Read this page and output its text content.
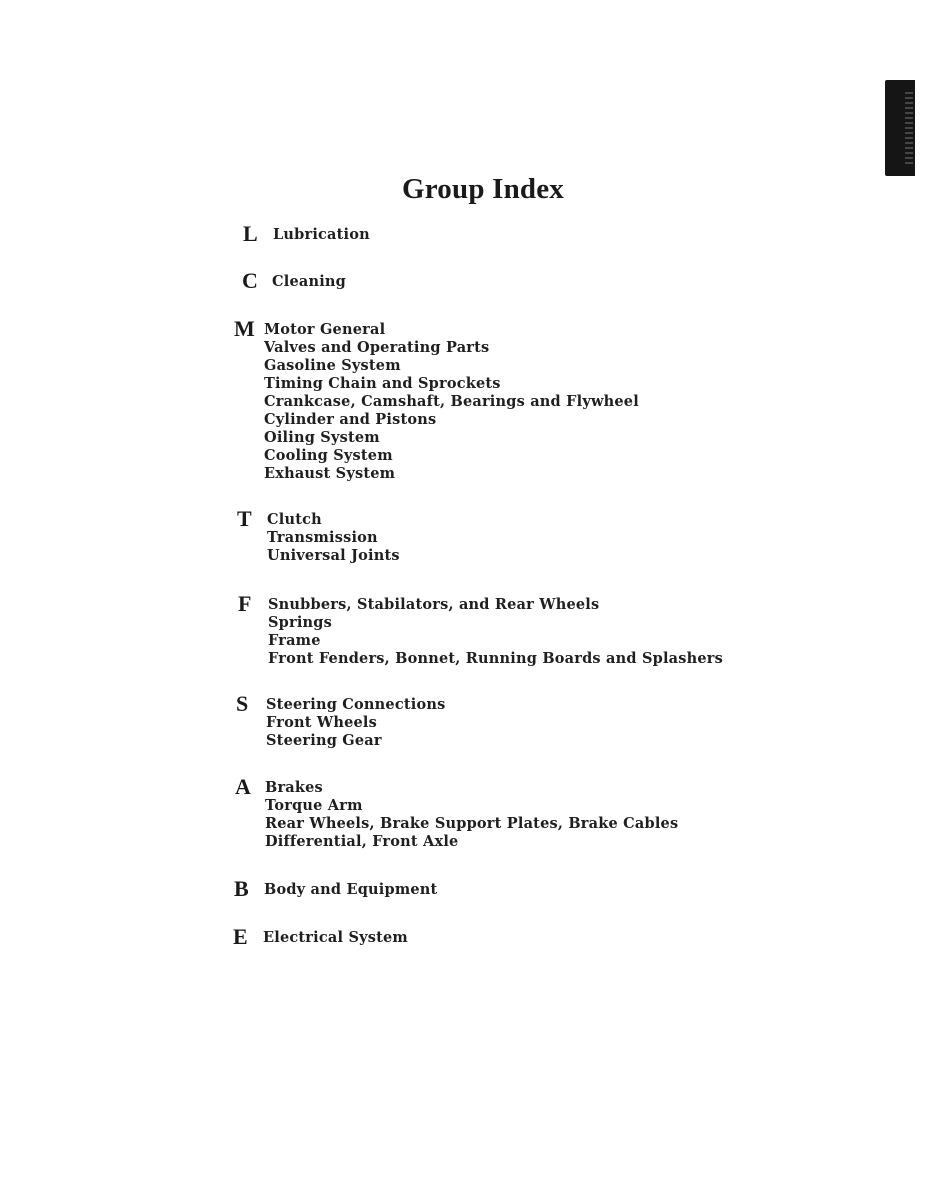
Group Index
L	Lubrication
C Cleaning
M Motor General
Valves and Operating Parts
Gasoline System
Timing Chain and Sprockets
Crankcase, Camshaft, Bearings and Flywheel
Cylinder and Pistons
Oiling System
Cooling System
Exhaust System
T	Clutch
Transmission
Universal Joints
F	Snubbers, Stabilators, and Rear Wheels
Springs
Frame
Front Fenders, Bonnet, Running Boards and Splashers
S	Steering Connections
Front Wheels
Steering Gear
A Brakes
Torque Arm
Rear Wheels, Brake Support Plates, Brake Cables
Differential, Front Axle
B	Body and Equipment
E	Electrical System
